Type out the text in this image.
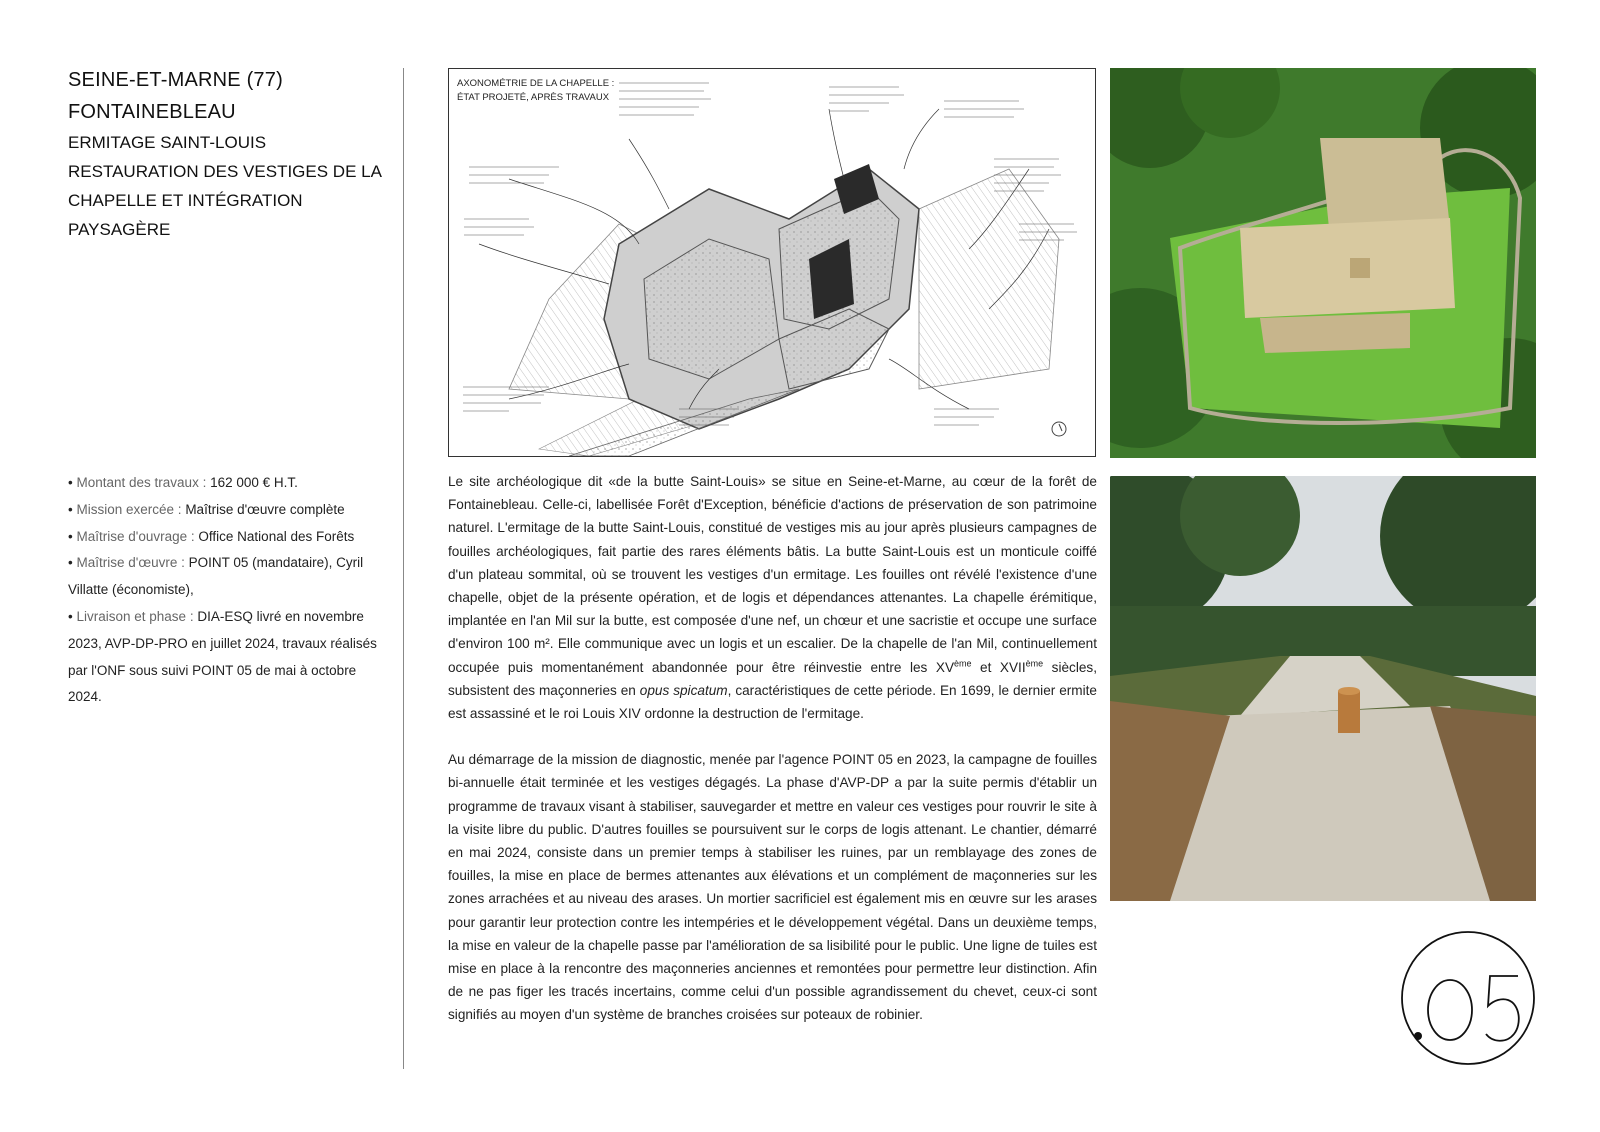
SEINE-ET-MARNE (77)
FONTAINEBLEAU
ERMITAGE SAINT-LOUIS
RESTAURATION DES VESTIGES DE LA
CHAPELLE ET INTÉGRATION PAYSAGÈRE

• Montant des travaux : 162 000 € H.T.

• Mission exercée : Maîtrise d'œuvre complète

• Maîtrise d'ouvrage : Office National des Forêts

• Maîtrise d'œuvre : POINT 05 (mandataire), Cyril Villatte (économiste),

• Livraison et phase : DIA-ESQ livré en novembre 2023, AVP-DP-PRO en juillet 2024, travaux réalisés par l'ONF sous suivi POINT 05 de mai à octobre 2024.

AXONOMÉTRIE DE LA CHAPELLE :
ÉTAT PROJETÉ, APRÈS TRAVAUX

Le site archéologique dit «de la butte Saint-Louis» se situe en Seine-et-Marne, au cœur de la forêt de Fontainebleau. Celle-ci, labellisée Forêt d'Exception, bénéficie d'actions de préservation de son patrimoine naturel. L'ermitage de la butte Saint-Louis, constitué de vestiges mis au jour après plusieurs campagnes de fouilles archéologiques, fait partie des rares éléments bâtis. La butte Saint-Louis est un monticule coiffé d'un plateau sommital, où se trouvent les vestiges d'un ermitage. Les fouilles ont révélé l'existence d'une chapelle, objet de la présente opération, et de logis et dépendances attenantes. La chapelle érémitique, implantée en l'an Mil sur la butte, est composée d'une nef, un chœur et une sacristie et occupe une surface d'environ 100 m². Elle communique avec un logis et un escalier. De la chapelle de l'an Mil, continuellement occupée puis momentanément abandonnée pour être réinvestie entre les XVème et XVIIème siècles, subsistent des maçonneries en opus spicatum, caractéristiques de cette période. En 1699, le dernier ermite est assassiné et le roi Louis XIV ordonne la destruction de l'ermitage.

Au démarrage de la mission de diagnostic, menée par l'agence POINT 05 en 2023, la campagne de fouilles bi-annuelle était terminée et les vestiges dégagés. La phase d'AVP-DP a par la suite permis d'établir un programme de travaux visant à stabiliser, sauvegarder et mettre en valeur ces vestiges pour rouvrir le site à la visite libre du public. D'autres fouilles se poursuivent sur le corps de logis attenant. Le chantier, démarré en mai 2024, consiste dans un premier temps à stabiliser les ruines, par un remblayage des zones de fouilles, la mise en place de bermes attenantes aux élévations et un complément de maçonneries sur les zones arrachées et au niveau des arases. Un mortier sacrificiel est également mis en œuvre sur les arases pour garantir leur protection contre les intempéries et le développement végétal. Dans un deuxième temps, la mise en valeur de la chapelle passe par l'amélioration de sa lisibilité pour le public. Une ligne de tuiles est mise en place à la rencontre des maçonneries anciennes et remontées pour permettre leur distinction. Afin de ne pas figer les tracés incertains, comme celui d'un possible agrandissement du chevet, ceux-ci sont signifiés au moyen d'un système de branches croisées sur poteaux de robinier.
